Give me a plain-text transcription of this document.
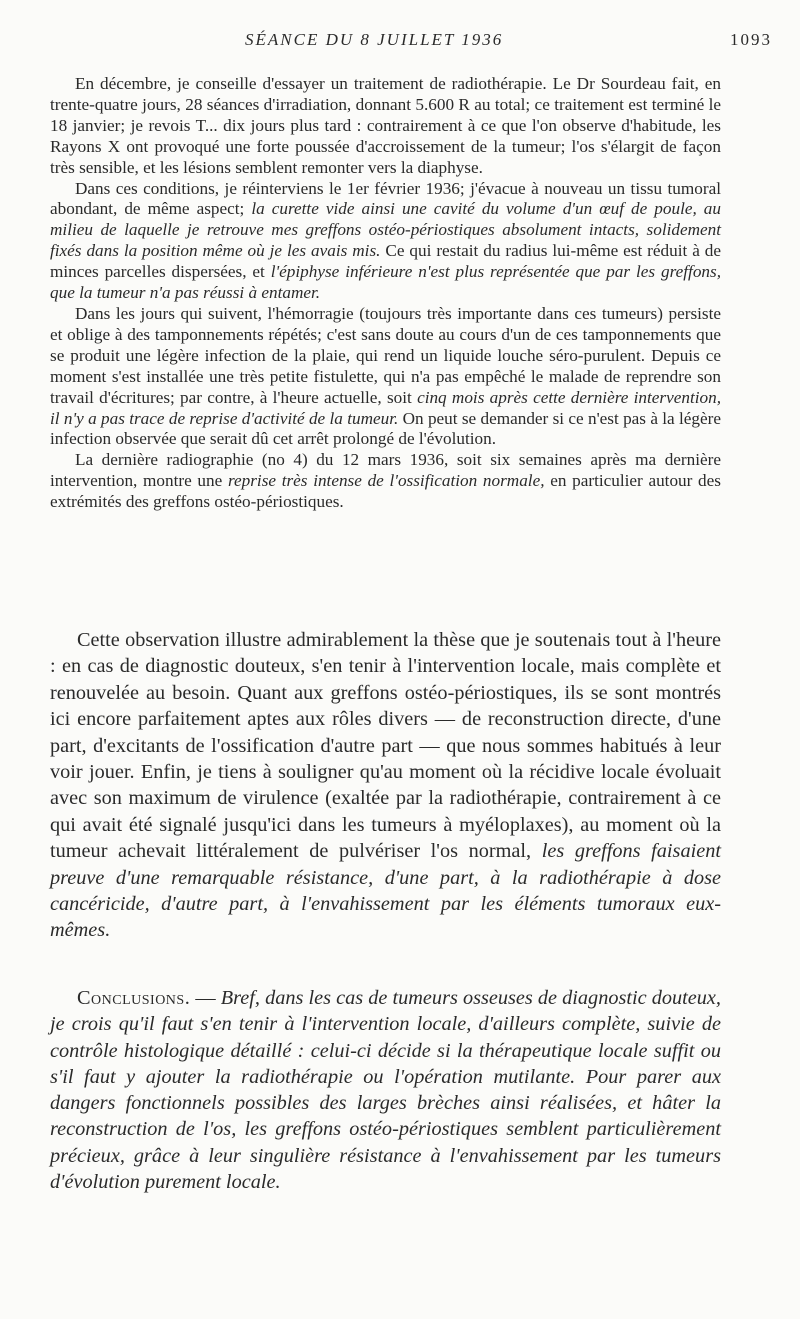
SÉANCE DU 8 JUILLET 1936	1093

En décembre, je conseille d'essayer un traitement de radiothérapie. Le Dr Sourdeau fait, en trente-quatre jours, 28 séances d'irradiation, donnant 5.600 R au total; ce traitement est terminé le 18 janvier; je revois T... dix jours plus tard : contrairement à ce que l'on observe d'habitude, les Rayons X ont provoqué une forte poussée d'accroissement de la tumeur; l'os s'élargit de façon très sensible, et les lésions semblent remonter vers la diaphyse.

Dans ces conditions, je réinterviens le 1er février 1936; j'évacue à nouveau un tissu tumoral abondant, de même aspect; la curette vide ainsi une cavité du volume d'un œuf de poule, au milieu de laquelle je retrouve mes greffons ostéo-périostiques absolument intacts, solidement fixés dans la position même où je les avais mis. Ce qui restait du radius lui-même est réduit à de minces parcelles dispersées, et l'épiphyse inférieure n'est plus représentée que par les greffons, que la tumeur n'a pas réussi à entamer.

Dans les jours qui suivent, l'hémorragie (toujours très importante dans ces tumeurs) persiste et oblige à des tamponnements répétés; c'est sans doute au cours d'un de ces tamponnements que se produit une légère infection de la plaie, qui rend un liquide louche séro-purulent. Depuis ce moment s'est installée une très petite fistulette, qui n'a pas empêché le malade de reprendre son travail d'écritures; par contre, à l'heure actuelle, soit cinq mois après cette dernière intervention, il n'y a pas trace de reprise d'activité de la tumeur. On peut se demander si ce n'est pas à la légère infection observée que serait dû cet arrêt prolongé de l'évolution.

La dernière radiographie (no 4) du 12 mars 1936, soit six semaines après ma dernière intervention, montre une reprise très intense de l'ossification normale, en particulier autour des extrémités des greffons ostéo-périostiques.

Cette observation illustre admirablement la thèse que je soutenais tout à l'heure : en cas de diagnostic douteux, s'en tenir à l'intervention locale, mais complète et renouvelée au besoin. Quant aux greffons ostéo-périostiques, ils se sont montrés ici encore parfaitement aptes aux rôles divers — de reconstruction directe, d'une part, d'excitants de l'ossification d'autre part — que nous sommes habitués à leur voir jouer. Enfin, je tiens à souligner qu'au moment où la récidive locale évoluait avec son maximum de virulence (exaltée par la radiothérapie, contrairement à ce qui avait été signalé jusqu'ici dans les tumeurs à myéloplaxes), au moment où la tumeur achevait littéralement de pulvériser l'os normal, les greffons faisaient preuve d'une remarquable résistance, d'une part, à la radiothérapie à dose cancéricide, d'autre part, à l'envahissement par les éléments tumoraux eux-mêmes.

Conclusions. — Bref, dans les cas de tumeurs osseuses de diagnostic douteux, je crois qu'il faut s'en tenir à l'intervention locale, d'ailleurs complète, suivie de contrôle histologique détaillé : celui-ci décide si la thérapeutique locale suffit ou s'il faut y ajouter la radiothérapie ou l'opération mutilante. Pour parer aux dangers fonctionnels possibles des larges brèches ainsi réalisées, et hâter la reconstruction de l'os, les greffons ostéo-périostiques semblent particulièrement précieux, grâce à leur singulière résistance à l'envahissement par les tumeurs d'évolution purement locale.
